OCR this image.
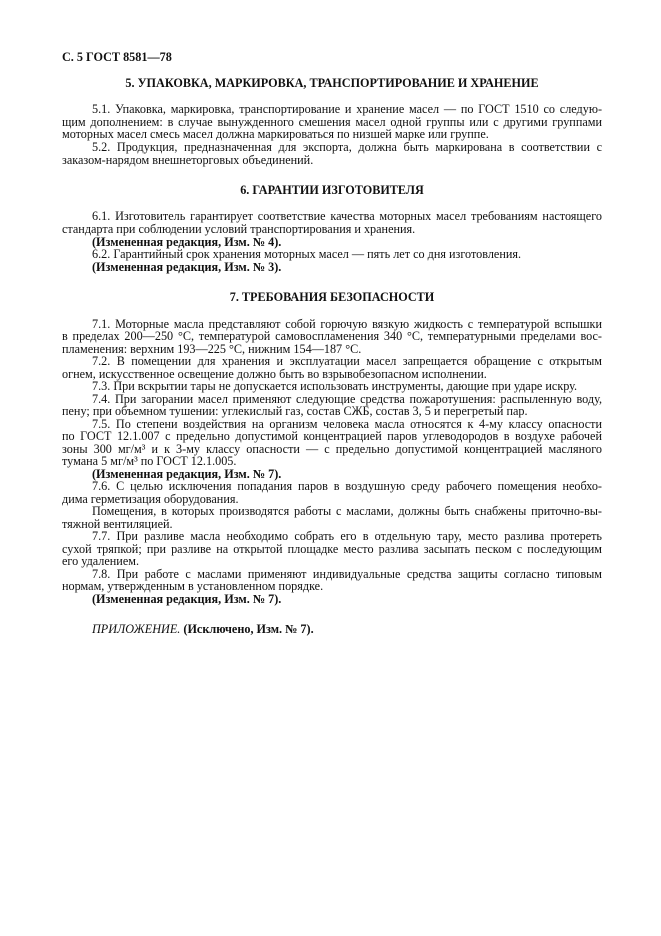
С. 5 ГОСТ 8581—78
5. УПАКОВКА, МАРКИРОВКА, ТРАНСПОРТИРОВАНИЕ И ХРАНЕНИЕ
5.1. Упаковка, маркировка, транспортирование и хранение масел — по ГОСТ 1510 со следую-
щим дополнением: в случае вынужденного смешения масел одной группы или с другими группами
моторных масел смесь масел должна маркироваться по низшей марке или группе.
5.2. Продукция, предназначенная для экспорта, должна быть маркирована в соответствии с
заказом-нарядом внешнеторговых объединений.
6. ГАРАНТИИ ИЗГОТОВИТЕЛЯ
6.1. Изготовитель гарантирует соответствие качества моторных масел требованиям настоящего
стандарта при соблюдении условий транспортирования и хранения.
(Измененная редакция, Изм. № 4).
6.2. Гарантийный срок хранения моторных масел — пять лет со дня изготовления.
(Измененная редакция, Изм. № 3).
7. ТРЕБОВАНИЯ БЕЗОПАСНОСТИ
7.1. Моторные масла представляют собой горючую вязкую жидкость с температурой вспышки
в пределах 200—250 °С, температурой самовоспламенения 340 °С, температурными пределами вос-
пламенения: верхним 193—225 °С, нижним 154—187 °С.
7.2. В помещении для хранения и эксплуатации масел запрещается обращение с открытым
огнем, искусственное освещение должно быть во взрывобезопасном исполнении.
7.3. При вскрытии тары не допускается использовать инструменты, дающие при ударе искру.
7.4. При загорании масел применяют следующие средства пожаротушения: распыленную воду,
пену; при объемном тушении: углекислый газ, состав СЖБ, состав 3, 5 и перегретый пар.
7.5. По степени воздействия на организм человека масла относятся к 4-му классу опасности
по ГОСТ 12.1.007 с предельно допустимой концентрацией паров углеводородов в воздухе рабочей
зоны 300 мг/м³ и к 3-му классу опасности — с предельно допустимой концентрацией масляного
тумана 5 мг/м³ по ГОСТ 12.1.005.
(Измененная редакция, Изм. № 7).
7.6. С целью исключения попадания паров в воздушную среду рабочего помещения необхо-
дима герметизация оборудования.
Помещения, в которых производятся работы с маслами, должны быть снабжены приточно-вы-
тяжной вентиляцией.
7.7. При разливе масла необходимо собрать его в отдельную тару, место разлива протереть
сухой тряпкой; при разливе на открытой площадке место разлива засыпать песком с последующим
его удалением.
7.8. При работе с маслами применяют индивидуальные средства защиты согласно типовым
нормам, утвержденным в установленном порядке.
(Измененная редакция, Изм. № 7).
ПРИЛОЖЕНИЕ. (Исключено, Изм. № 7).
